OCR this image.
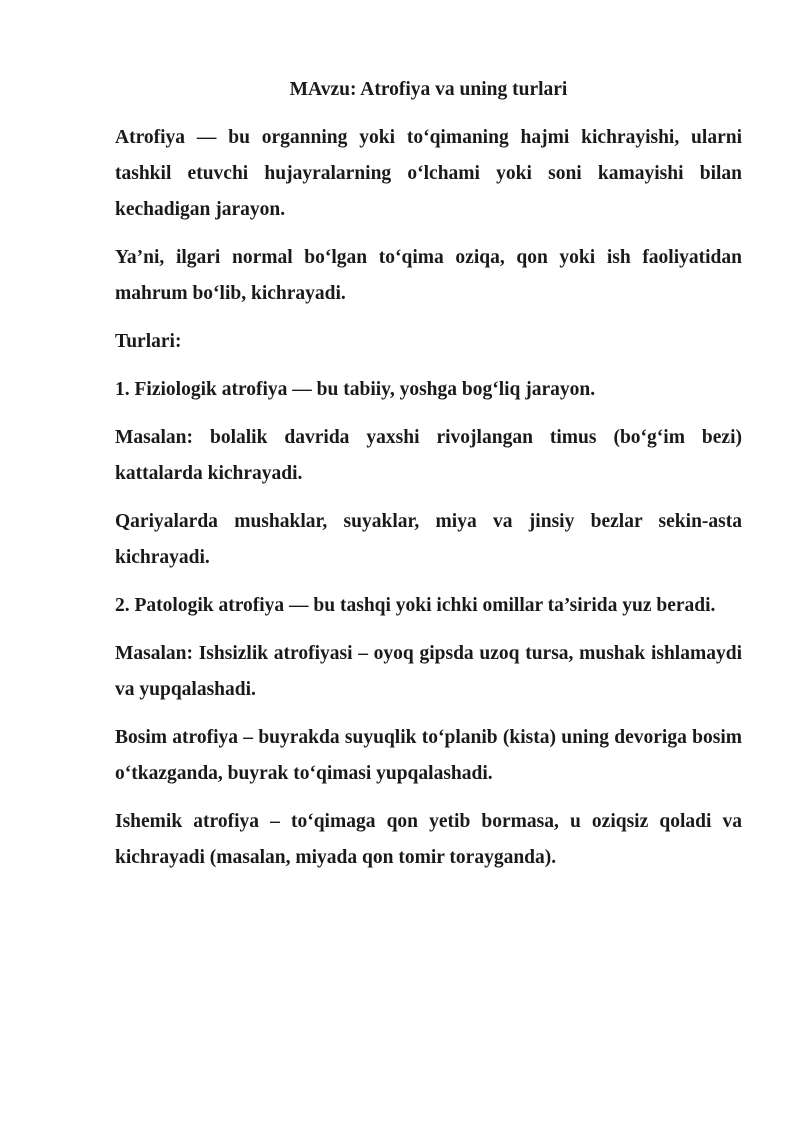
MAvzu: Atrofiya va uning turlari

Atrofiya — bu organning yoki to‘qimaning hajmi kichrayishi, ularni tashkil etuvchi hujayralarning o‘lchami yoki soni kamayishi bilan kechadigan jarayon.

Ya’ni, ilgari normal bo‘lgan to‘qima oziqa, qon yoki ish faoliyatidan mahrum bo‘lib, kichrayadi.

Turlari:

1. Fiziologik atrofiya — bu tabiiy, yoshga bog‘liq jarayon.

Masalan: bolalik davrida yaxshi rivojlangan timus (bo‘g‘im bezi) kattalarda kichrayadi.

Qariyalarda mushaklar, suyaklar, miya va jinsiy bezlar sekin-asta kichrayadi.

2. Patologik atrofiya — bu tashqi yoki ichki omillar ta’sirida yuz beradi.

Masalan: Ishsizlik atrofiyasi – oyoq gipsda uzoq tursa, mushak ishlamaydi va yupqalashadi.

Bosim atrofiya – buyrakda suyuqlik to‘planib (kista) uning devoriga bosim o‘tkazganda, buyrak to‘qimasi yupqalashadi.

Ishemik atrofiya – to‘qimaga qon yetib bormasa, u oziqsiz qoladi va kichrayadi (masalan, miyada qon tomir torayganda).
